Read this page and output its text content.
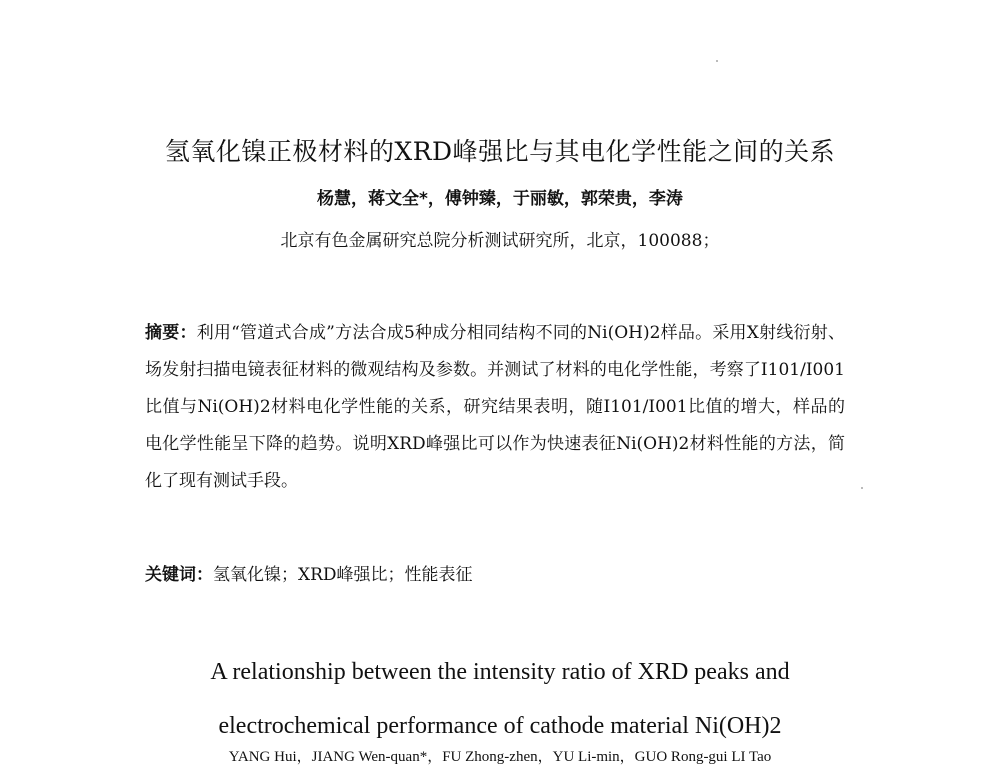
氢氧化镍正极材料的XRD峰强比与其电化学性能之间的关系
杨慧，蒋文全*，傅钟臻，于丽敏，郭荣贵，李涛
北京有色金属研究总院分析测试研究所，北京，100088；
摘要：利用“管道式合成”方法合成5种成分相同结构不同的Ni(OH)2样品。采用X射线衍射、场发射扫描电镜表征材料的微观结构及参数。并测试了材料的电化学性能，考察了I101/I001比值与Ni(OH)2材料电化学性能的关系，研究结果表明，随I101/I001比值的增大，样品的电化学性能呈下降的趋势。说明XRD峰强比可以作为快速表征Ni(OH)2材料性能的方法，简化了现有测试手段。
关键词：氢氧化镍；XRD峰强比；性能表征
A relationship between the intensity ratio of XRD peaks and
electrochemical performance of cathode material Ni(OH)2
YANG Hui，JIANG Wen-quan*，FU Zhong-zhen，YU Li-min，GUO Rong-gui LI Tao
